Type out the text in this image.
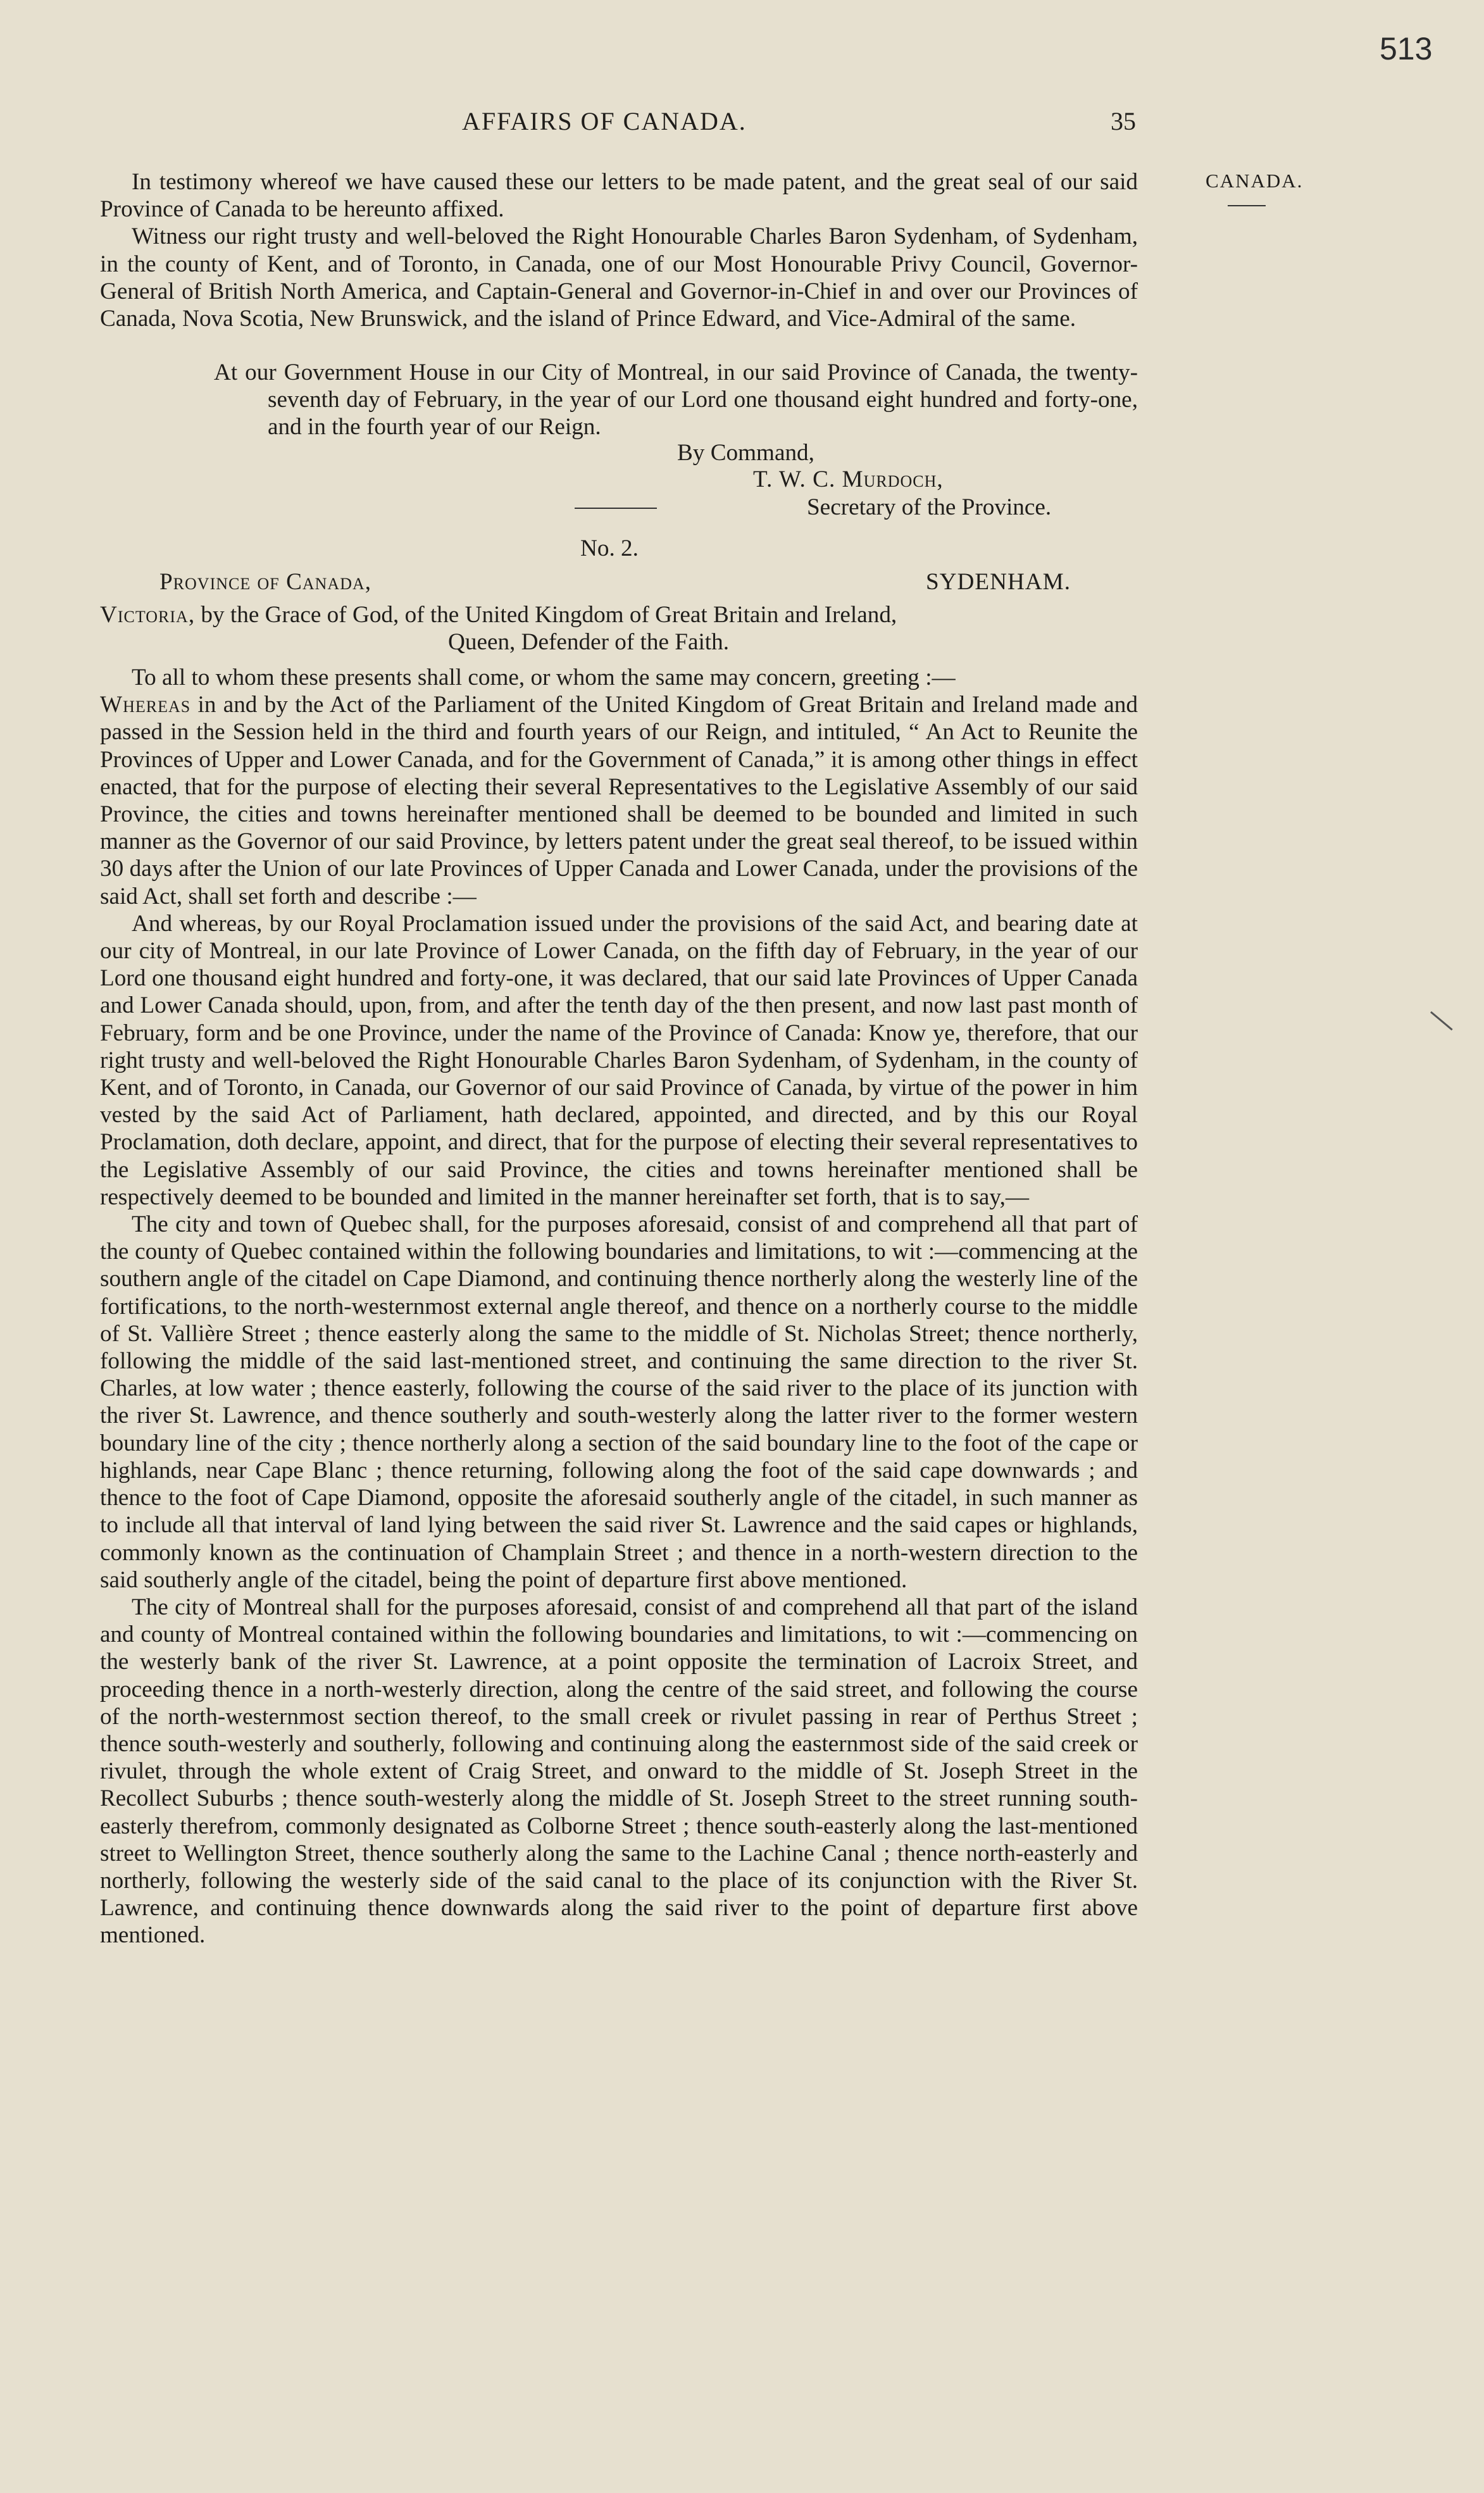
513
AFFAIRS OF CANADA.	35
CANADA.

In testimony whereof we have caused these our letters to be made patent, and the great seal of our said Province of Canada to be hereunto affixed.

Witness our right trusty and well-beloved the Right Honourable Charles Baron Sydenham, of Sydenham, in the county of Kent, and of Toronto, in Canada, one of our Most Honourable Privy Council, Governor-General of British North America, and Captain-General and Governor-in-Chief in and over our Provinces of Canada, Nova Scotia, New Brunswick, and the island of Prince Edward, and Vice-Admiral of the same.

At our Government House in our City of Montreal, in our said Province of Canada, the twenty-seventh day of February, in the year of our Lord one thousand eight hundred and forty-one, and in the fourth year of our Reign.

By Command,
T. W. C. Murdoch,
Secretary of the Province.
No. 2.
Province of Canada,	SYDENHAM.
Victoria, by the Grace of God, of the United Kingdom of Great Britain and Ireland,
Queen, Defender of the Faith.

To all to whom these presents shall come, or whom the same may concern, greeting :—

Whereas in and by the Act of the Parliament of the United Kingdom of Great Britain and Ireland made and passed in the Session held in the third and fourth years of our Reign, and intituled, “ An Act to Reunite the Provinces of Upper and Lower Canada, and for the Government of Canada,” it is among other things in effect enacted, that for the purpose of electing their several Representatives to the Legislative Assembly of our said Province, the cities and towns hereinafter mentioned shall be deemed to be bounded and limited in such manner as the Governor of our said Province, by letters patent under the great seal thereof, to be issued within 30 days after the Union of our late Provinces of Upper Canada and Lower Canada, under the provisions of the said Act, shall set forth and describe :—

And whereas, by our Royal Proclamation issued under the provisions of the said Act, and bearing date at our city of Montreal, in our late Province of Lower Canada, on the fifth day of February, in the year of our Lord one thousand eight hundred and forty-one, it was declared, that our said late Provinces of Upper Canada and Lower Canada should, upon, from, and after the tenth day of the then present, and now last past month of February, form and be one Province, under the name of the Province of Canada: Know ye, therefore, that our right trusty and well-beloved the Right Honourable Charles Baron Sydenham, of Sydenham, in the county of Kent, and of Toronto, in Canada, our Governor of our said Province of Canada, by virtue of the power in him vested by the said Act of Parliament, hath declared, appointed, and directed, and by this our Royal Proclamation, doth declare, appoint, and direct, that for the purpose of electing their several representatives to the Legislative Assembly of our said Province, the cities and towns hereinafter mentioned shall be respectively deemed to be bounded and limited in the manner hereinafter set forth, that is to say,—

The city and town of Quebec shall, for the purposes aforesaid, consist of and comprehend all that part of the county of Quebec contained within the following boundaries and limitations, to wit :—commencing at the southern angle of the citadel on Cape Diamond, and continuing thence northerly along the westerly line of the fortifications, to the north-westernmost external angle thereof, and thence on a northerly course to the middle of St. Vallière Street ; thence easterly along the same to the middle of St. Nicholas Street; thence northerly, following the middle of the said last-mentioned street, and continuing the same direction to the river St. Charles, at low water ; thence easterly, following the course of the said river to the place of its junction with the river St. Lawrence, and thence southerly and south-westerly along the latter river to the former western boundary line of the city ; thence northerly along a section of the said boundary line to the foot of the cape or highlands, near Cape Blanc ; thence returning, following along the foot of the said cape downwards ; and thence to the foot of Cape Diamond, opposite the aforesaid southerly angle of the citadel, in such manner as to include all that interval of land lying between the said river St. Lawrence and the said capes or highlands, commonly known as the continuation of Champlain Street ; and thence in a north-western direction to the said southerly angle of the citadel, being the point of departure first above mentioned.

The city of Montreal shall for the purposes aforesaid, consist of and comprehend all that part of the island and county of Montreal contained within the following boundaries and limitations, to wit :—commencing on the westerly bank of the river St. Lawrence, at a point opposite the termination of Lacroix Street, and proceeding thence in a north-westerly direction, along the centre of the said street, and following the course of the north-westernmost section thereof, to the small creek or rivulet passing in rear of Perthus Street ; thence south-westerly and southerly, following and continuing along the easternmost side of the said creek or rivulet, through the whole extent of Craig Street, and onward to the middle of St. Joseph Street in the Recollect Suburbs ; thence south-westerly along the middle of St. Joseph Street to the street running south-easterly therefrom, commonly designated as Colborne Street ; thence south-easterly along the last-mentioned street to Wellington Street, thence southerly along the same to the Lachine Canal ; thence north-easterly and northerly, following the westerly side of the said canal to the place of its conjunction with the River St. Lawrence, and continuing thence downwards along the said river to the point of departure first above mentioned.
